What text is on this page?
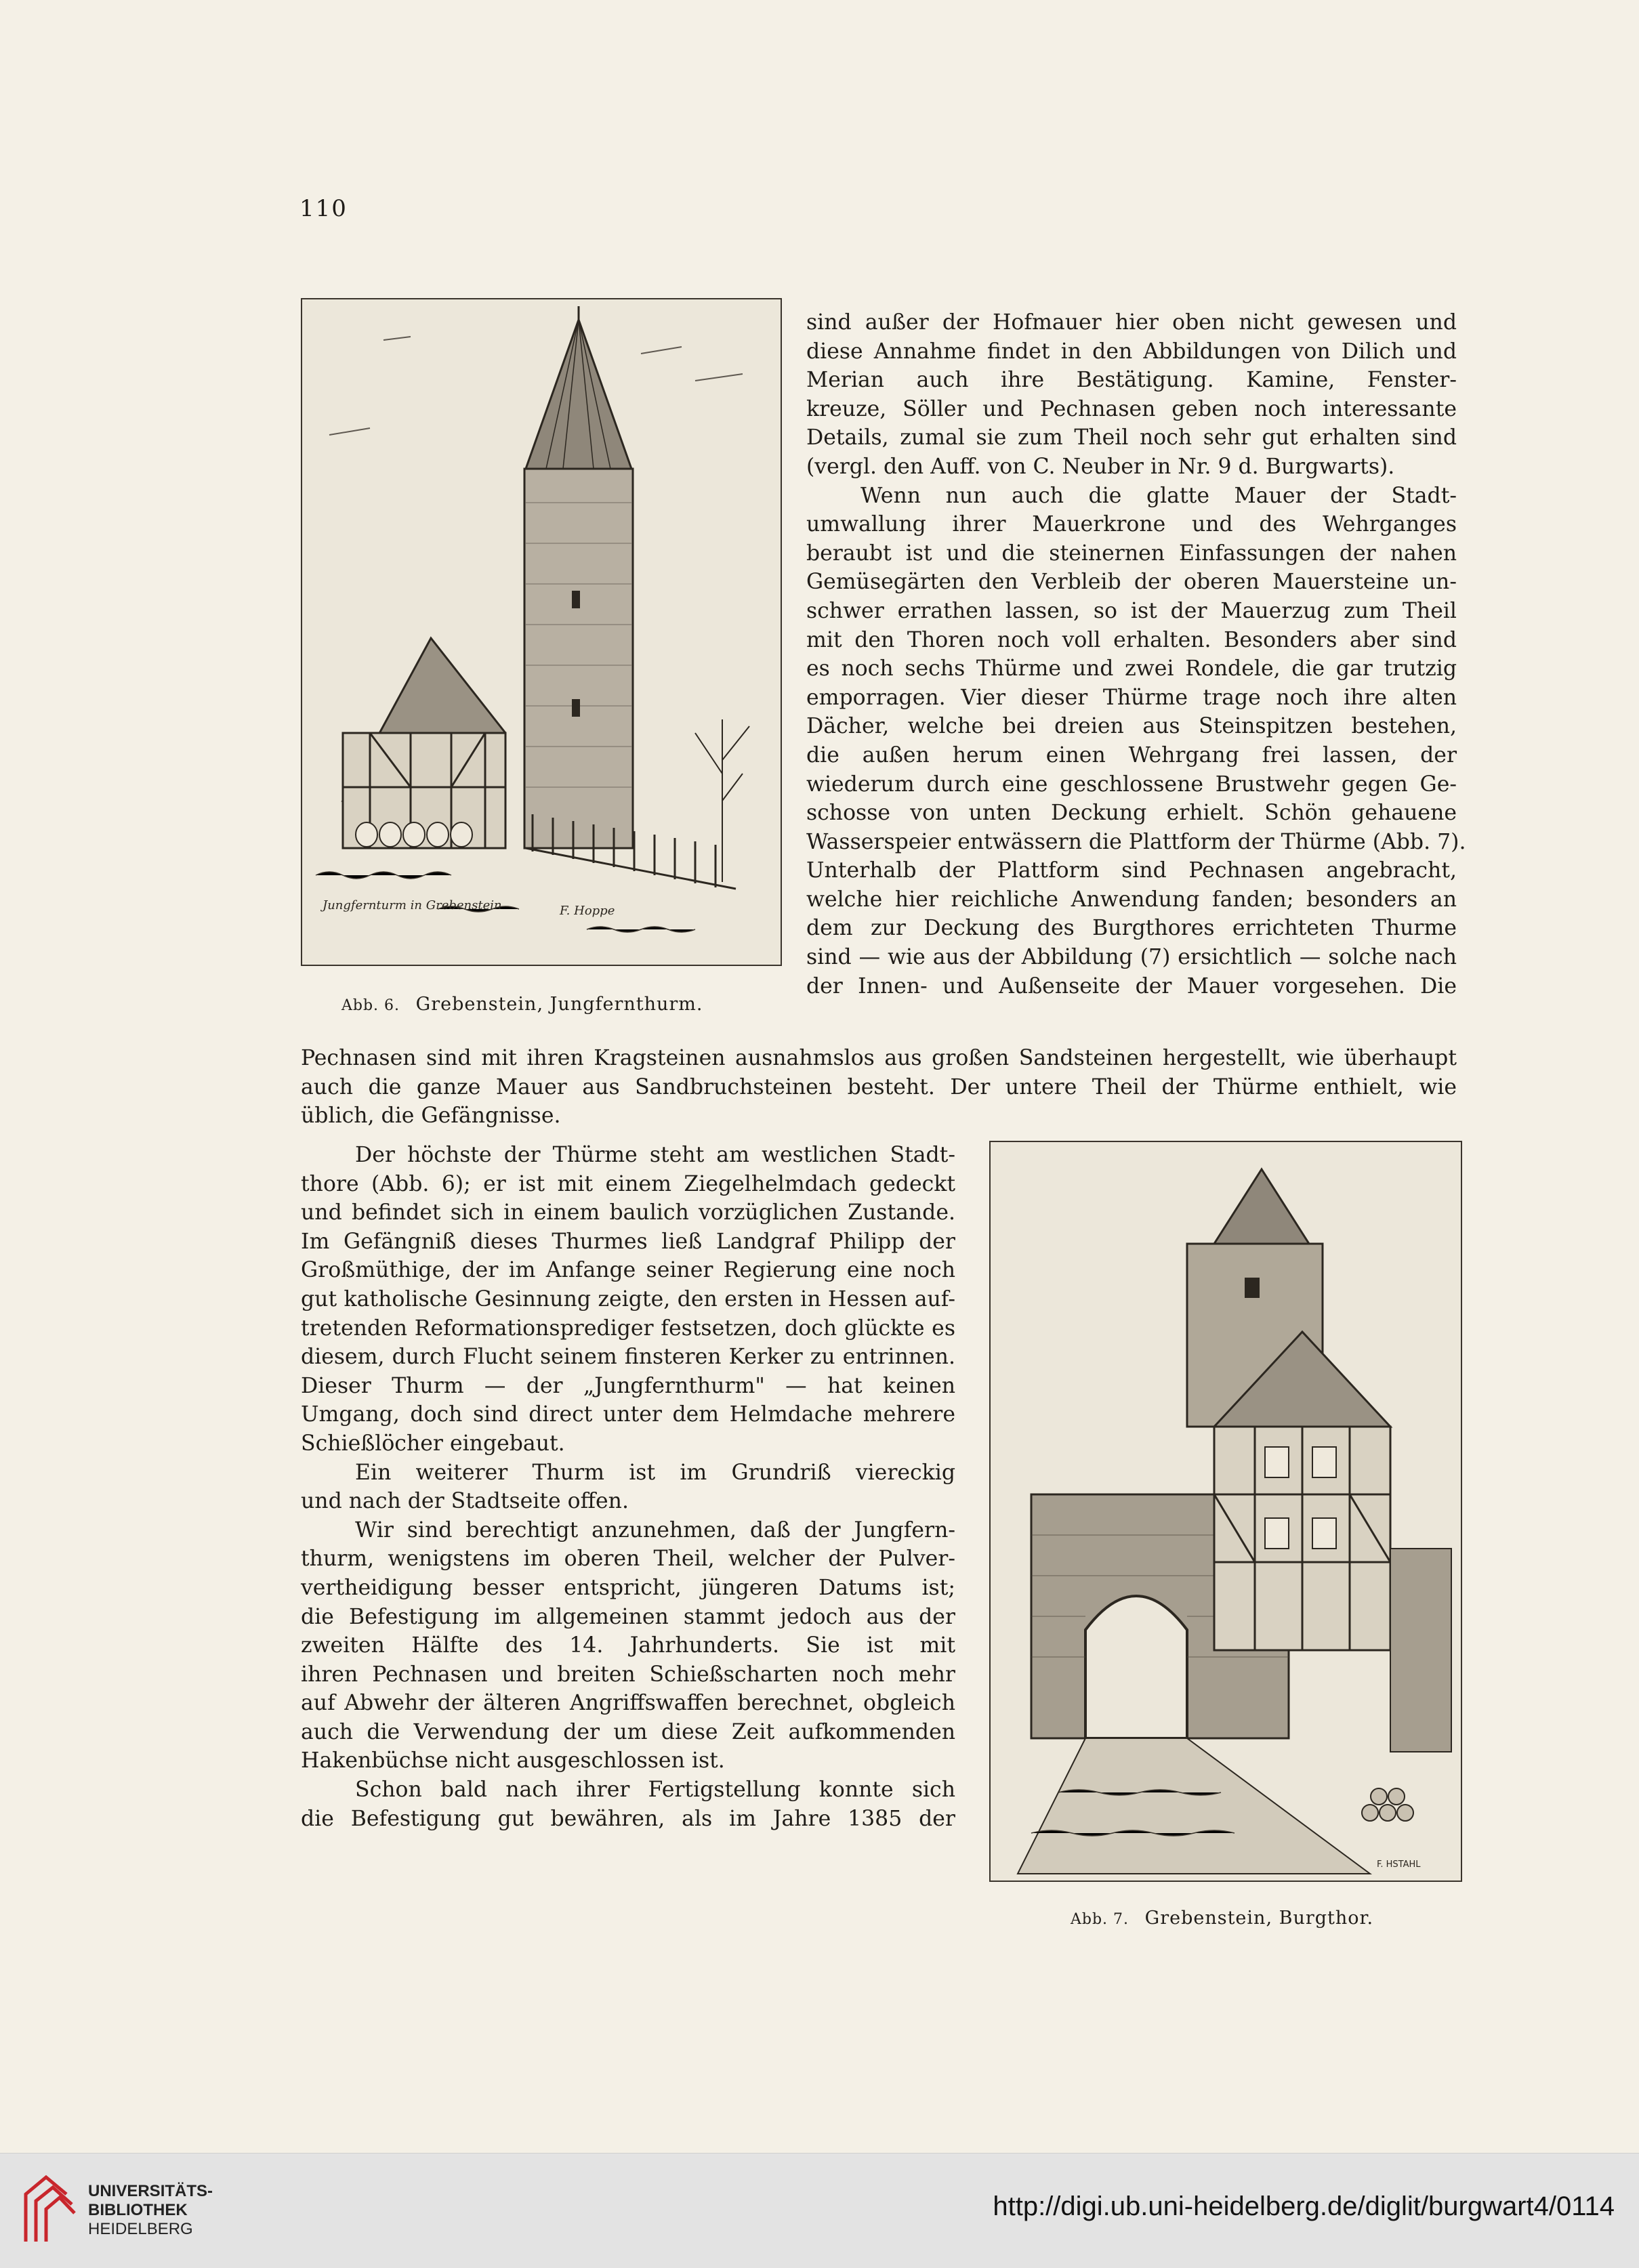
110
Jungfernturm in Grebenstein	F. Hoppe
Abb. 6. Grebenstein, Jungfernthurm.
sind außer der Hofmauer hier oben nicht gewesen und
diese Annahme findet in den Abbildungen von Dilich und
Merian auch ihre Bestätigung. Kamine, Fenster-
kreuze, Söller und Pechnasen geben noch interessante
Details, zumal sie zum Theil noch sehr gut erhalten sind
(vergl. den Auff. von C. Neuber in Nr. 9 d. Burgwarts).
Wenn nun auch die glatte Mauer der Stadt-
umwallung ihrer Mauerkrone und des Wehrganges
beraubt ist und die steinernen Einfassungen der nahen
Gemüsegärten den Verbleib der oberen Mauersteine un-
schwer errathen lassen, so ist der Mauerzug zum Theil
mit den Thoren noch voll erhalten. Besonders aber sind
es noch sechs Thürme und zwei Rondele, die gar trutzig
emporragen. Vier dieser Thürme trage noch ihre alten
Dächer, welche bei dreien aus Steinspitzen bestehen,
die außen herum einen Wehrgang frei lassen, der
wiederum durch eine geschlossene Brustwehr gegen Ge-
schosse von unten Deckung erhielt. Schön gehauene
Wasserspeier entwässern die Plattform der Thürme (Abb. 7).
Unterhalb der Plattform sind Pechnasen angebracht,
welche hier reichliche Anwendung fanden; besonders an
dem zur Deckung des Burgthores errichteten Thurme
sind — wie aus der Abbildung (7) ersichtlich — solche nach
der Innen- und Außenseite der Mauer vorgesehen. Die
Pechnasen sind mit ihren Kragsteinen ausnahmslos aus großen Sandsteinen hergestellt, wie überhaupt
auch die ganze Mauer aus Sandbruchsteinen besteht. Der untere Theil der Thürme enthielt, wie
üblich, die Gefängnisse.
Der höchste der Thürme steht am westlichen Stadt-
thore (Abb. 6); er ist mit einem Ziegelhelmdach gedeckt
und befindet sich in einem baulich vorzüglichen Zustande.
Im Gefängniß dieses Thurmes ließ Landgraf Philipp der
Großmüthige, der im Anfange seiner Regierung eine noch
gut katholische Gesinnung zeigte, den ersten in Hessen auf-
tretenden Reformationsprediger festsetzen, doch glückte es
diesem, durch Flucht seinem finsteren Kerker zu entrinnen.
Dieser Thurm — der „Jungfernthurm" — hat keinen
Umgang, doch sind direct unter dem Helmdache mehrere
Schießlöcher eingebaut.
Ein weiterer Thurm ist im Grundriß viereckig
und nach der Stadtseite offen.
Wir sind berechtigt anzunehmen, daß der Jungfern-
thurm, wenigstens im oberen Theil, welcher der Pulver-
vertheidigung besser entspricht, jüngeren Datums ist;
die Befestigung im allgemeinen stammt jedoch aus der
zweiten Hälfte des 14. Jahrhunderts. Sie ist mit
ihren Pechnasen und breiten Schießscharten noch mehr
auf Abwehr der älteren Angriffswaffen berechnet, obgleich
auch die Verwendung der um diese Zeit aufkommenden
Hakenbüchse nicht ausgeschlossen ist.
Schon bald nach ihrer Fertigstellung konnte sich
die Befestigung gut bewähren, als im Jahre 1385 der
F. HSTAHL
Abb. 7. Grebenstein, Burgthor.
UNIVERSITÄTS-
BIBLIOTHEK
HEIDELBERG
http://digi.ub.uni-heidelberg.de/diglit/burgwart4/0114
